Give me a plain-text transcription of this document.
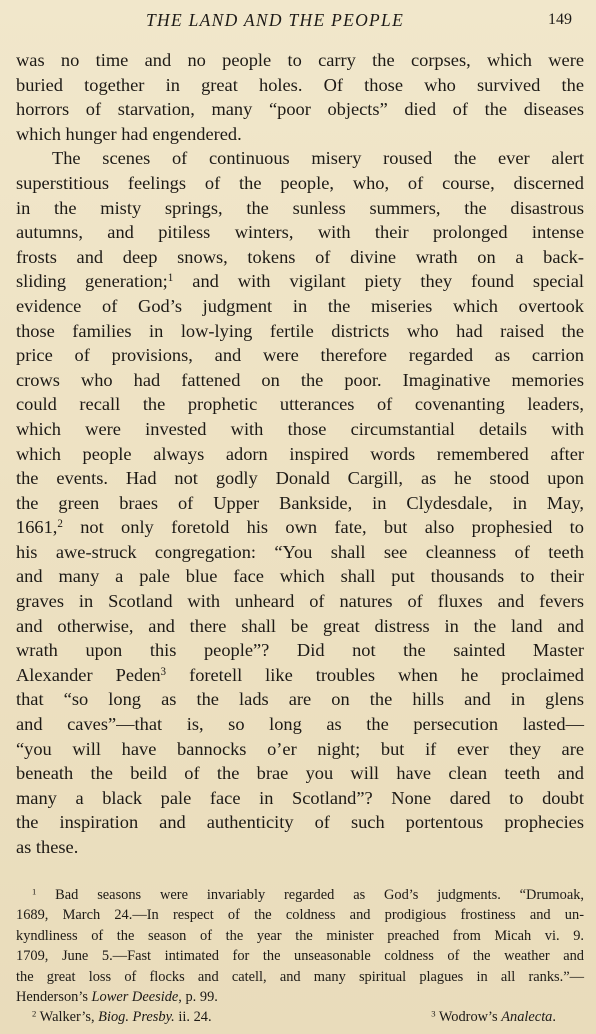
THE LAND AND THE PEOPLE	149

was no time and no people to carry the corpses, which were
buried together in great holes. Of those who survived the
horrors of starvation, many “poor objects” died of the diseases
which hunger had engendered.

The scenes of continuous misery roused the ever alert
superstitious feelings of the people, who, of course, discerned
in the misty springs, the sunless summers, the disastrous
autumns, and pitiless winters, with their prolonged intense
frosts and deep snows, tokens of divine wrath on a back-
sliding generation;$^1$ and with vigilant piety they found special
evidence of God’s judgment in the miseries which overtook
those families in low-lying fertile districts who had raised the
price of provisions, and were therefore regarded as carrion
crows who had fattened on the poor. Imaginative memories
could recall the prophetic utterances of covenanting leaders,
which were invested with those circumstantial details with
which people always adorn inspired words remembered after
the events. Had not godly Donald Cargill, as he stood upon
the green braes of Upper Bankside, in Clydesdale, in May,
1661,$^2$ not only foretold his own fate, but also prophesied to
his awe-struck congregation: “You shall see cleanness of teeth
and many a pale blue face which shall put thousands to their
graves in Scotland with unheard of natures of fluxes and fevers
and otherwise, and there shall be great distress in the land and
wrath upon this people”? Did not the sainted Master
Alexander Peden$^3$ foretell like troubles when he proclaimed
that “so long as the lads are on the hills and in glens
and caves”—that is, so long as the persecution lasted—
“you will have bannocks o’er night; but if ever they are
beneath the beild of the brae you will have clean teeth and
many a black pale face in Scotland”? None dared to doubt
the inspiration and authenticity of such portentous prophecies
as these.

$^1$ Bad seasons were invariably regarded as God’s judgments. “Drumoak,
1689, March 24.—In respect of the coldness and prodigious frostiness and un-
kyndliness of the season of the year the minister preached from Micah vi. 9.
1709, June 5.—Fast intimated for the unseasonable coldness of the weather and
the great loss of flocks and catell, and many spiritual plagues in all ranks.”—
Henderson’s Lower Deeside, p. 99.
$^2$ Walker’s, Biog. Presby. ii. 24.	$^3$ Wodrow’s Analecta.
